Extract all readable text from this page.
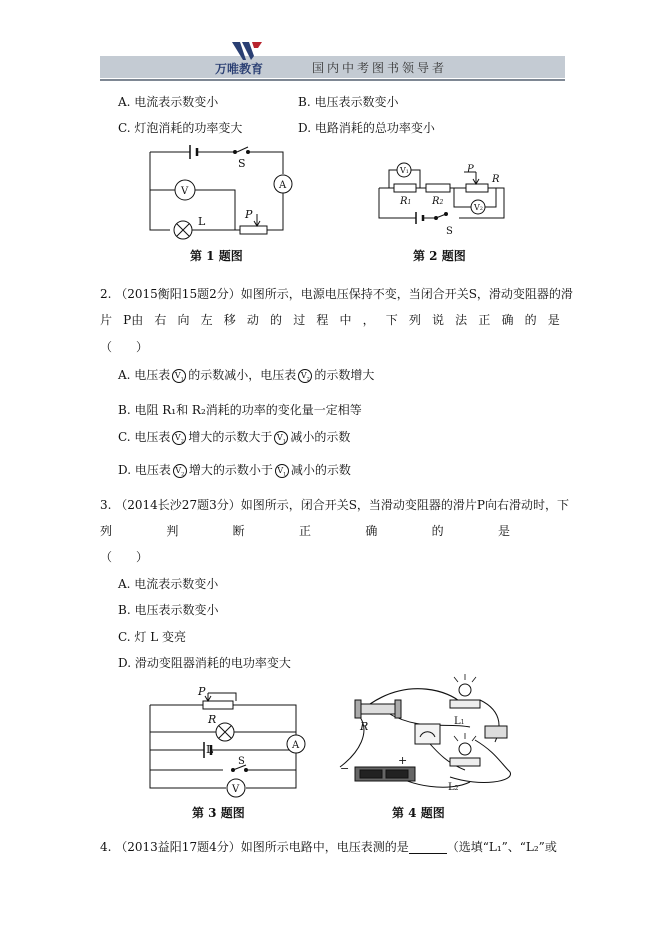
万唯教育	国内中考图书领导者
A. 电流表示数变小	B. 电压表示数变小
C. 灯泡消耗的功率变大	D. 电路消耗的总功率变小
S
A
V
L
P
第 1 题图
V1	P
R
V2
R1 R2
S
第 2 题图
2. （2015衡阳15题2分）如图所示，电源电压保持不变，当闭合开关S，滑动变阻器的滑
片 P由 右 向 左 移 动 的 过 程 中 ， 下 列 说 法 正 确 的 是
（　　）
A. 电压表 $V_1$ 的示数减小，电压表 $V_2$ 的示数增大
B. 电阻 R₁和 R₂消耗的功率的变化量一定相等
C. 电压表 $V_2$ 增大的示数大于 $V_1$ 减小的示数
D. 电压表 $V_2$ 增大的示数小于 $V_1$ 减小的示数
3. （2014长沙27题3分）如图所示，闭合开关S，当滑动变阻器的滑片P向右滑动时，下
列	判	断	正	确	的	是
（　　）
A. 电流表示数变小
B. 电压表示数变小
C. 灯 L 变亮
D. 滑动变阻器消耗的电功率变大
P
R
L	A
S
V
第 3 题图
R	L1
L2
−
+
第 4 题图
4. （2013益阳17题4分）如图所示电路中，电压表测的是	（选填“L₁”、“L₂”或
